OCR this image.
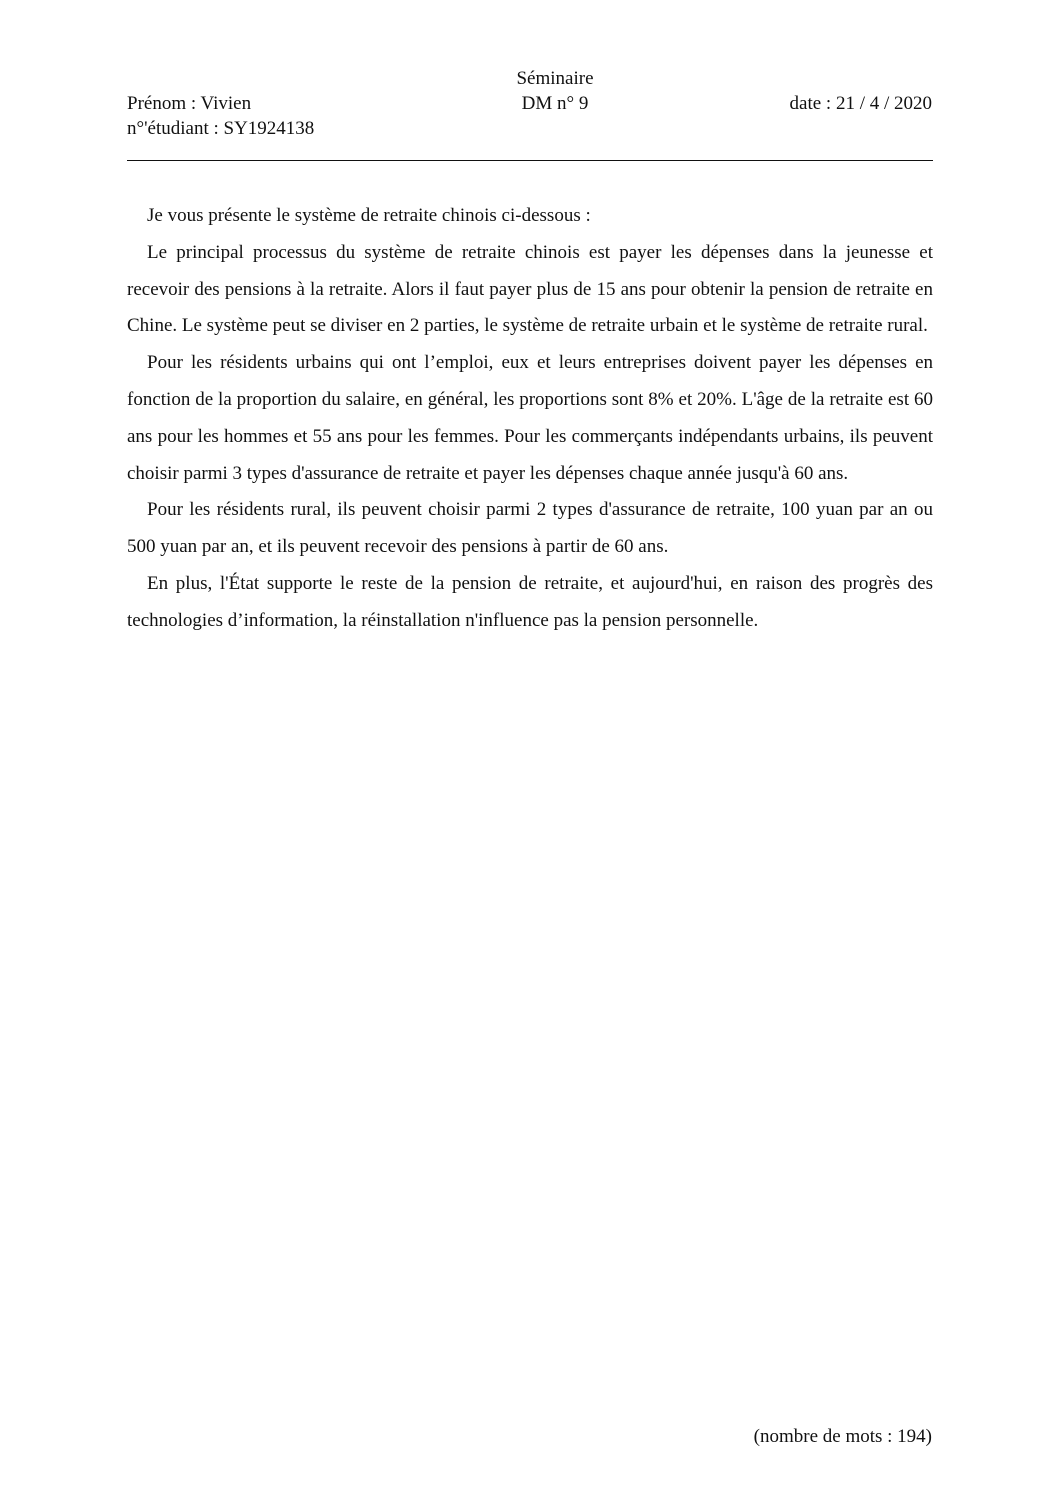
Prénom : Vivien
n°'étudiant : SY1924138
Séminaire
DM n° 9	date : 21 / 4 / 2020

Je vous présente le système de retraite chinois ci-dessous :

Le principal processus du système de retraite chinois est payer les dépenses dans la jeunesse et recevoir des pensions à la retraite. Alors il faut payer plus de 15 ans pour obtenir la pension de retraite en Chine. Le système peut se diviser en 2 parties, le système de retraite urbain et le système de retraite rural.

Pour les résidents urbains qui ont l’emploi, eux et leurs entreprises doivent payer les dépenses en fonction de la proportion du salaire, en général, les proportions sont 8% et 20%. L'âge de la retraite est 60 ans pour les hommes et 55 ans pour les femmes. Pour les commerçants indépendants urbains, ils peuvent choisir parmi 3 types d'assurance de retraite et payer les dépenses chaque année jusqu'à 60 ans.

Pour les résidents rural, ils peuvent choisir parmi 2 types d'assurance de retraite, 100 yuan par an ou 500 yuan par an, et ils peuvent recevoir des pensions à partir de 60 ans.

En plus, l'État supporte le reste de la pension de retraite, et aujourd'hui, en raison des progrès des technologies d’information, la réinstallation n'influence pas la pension personnelle.

(nombre de mots : 194)
